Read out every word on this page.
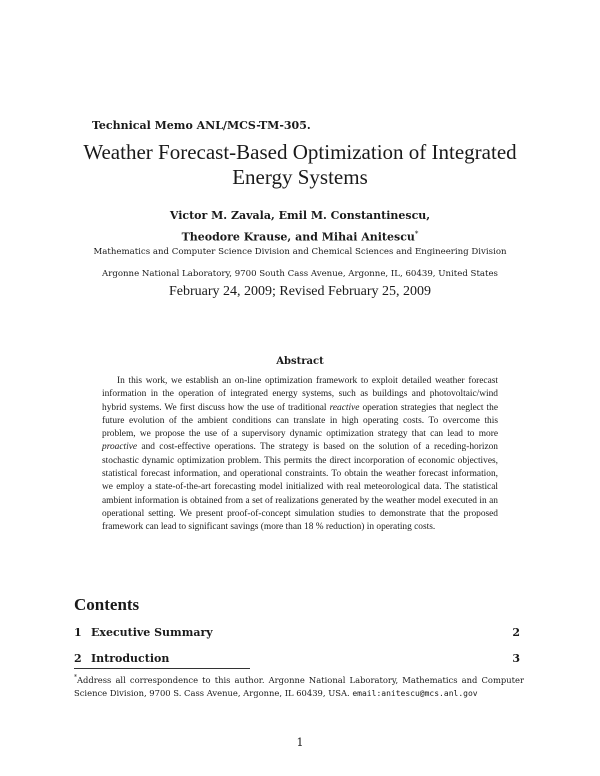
Technical Memo ANL/MCS-TM-305.
Weather Forecast-Based Optimization of Integrated
Energy Systems
Victor M. Zavala, Emil M. Constantinescu,
Theodore Krause, and Mihai Anitescu*
Mathematics and Computer Science Division and Chemical Sciences and Engineering Division
Argonne National Laboratory, 9700 South Cass Avenue, Argonne, IL, 60439, United States
February 24, 2009; Revised February 25, 2009
Abstract
In this work, we establish an on-line optimization framework to exploit detailed weather forecast information in the operation of integrated energy systems, such as buildings and photovoltaic/wind hybrid systems. We first discuss how the use of traditional reactive operation strategies that neglect the future evolution of the ambient conditions can translate in high operating costs. To overcome this problem, we propose the use of a supervisory dynamic optimization strategy that can lead to more proactive and cost-effective operations. The strategy is based on the solution of a receding-horizon stochastic dynamic optimization problem. This permits the direct incorporation of economic objectives, statistical forecast information, and operational constraints. To obtain the weather forecast information, we employ a state-of-the-art forecasting model initialized with real meteorological data. The statistical ambient information is obtained from a set of realizations generated by the weather model executed in an operational setting. We present proof-of-concept simulation studies to demonstrate that the proposed framework can lead to significant savings (more than 18 % reduction) in operating costs.
Contents
1 Executive Summary	2
2 Introduction	3
*Address all correspondence to this author. Argonne National Laboratory, Mathematics and Computer Science Division, 9700 S. Cass Avenue, Argonne, IL 60439, USA. email:anitescu@mcs.anl.gov
1
